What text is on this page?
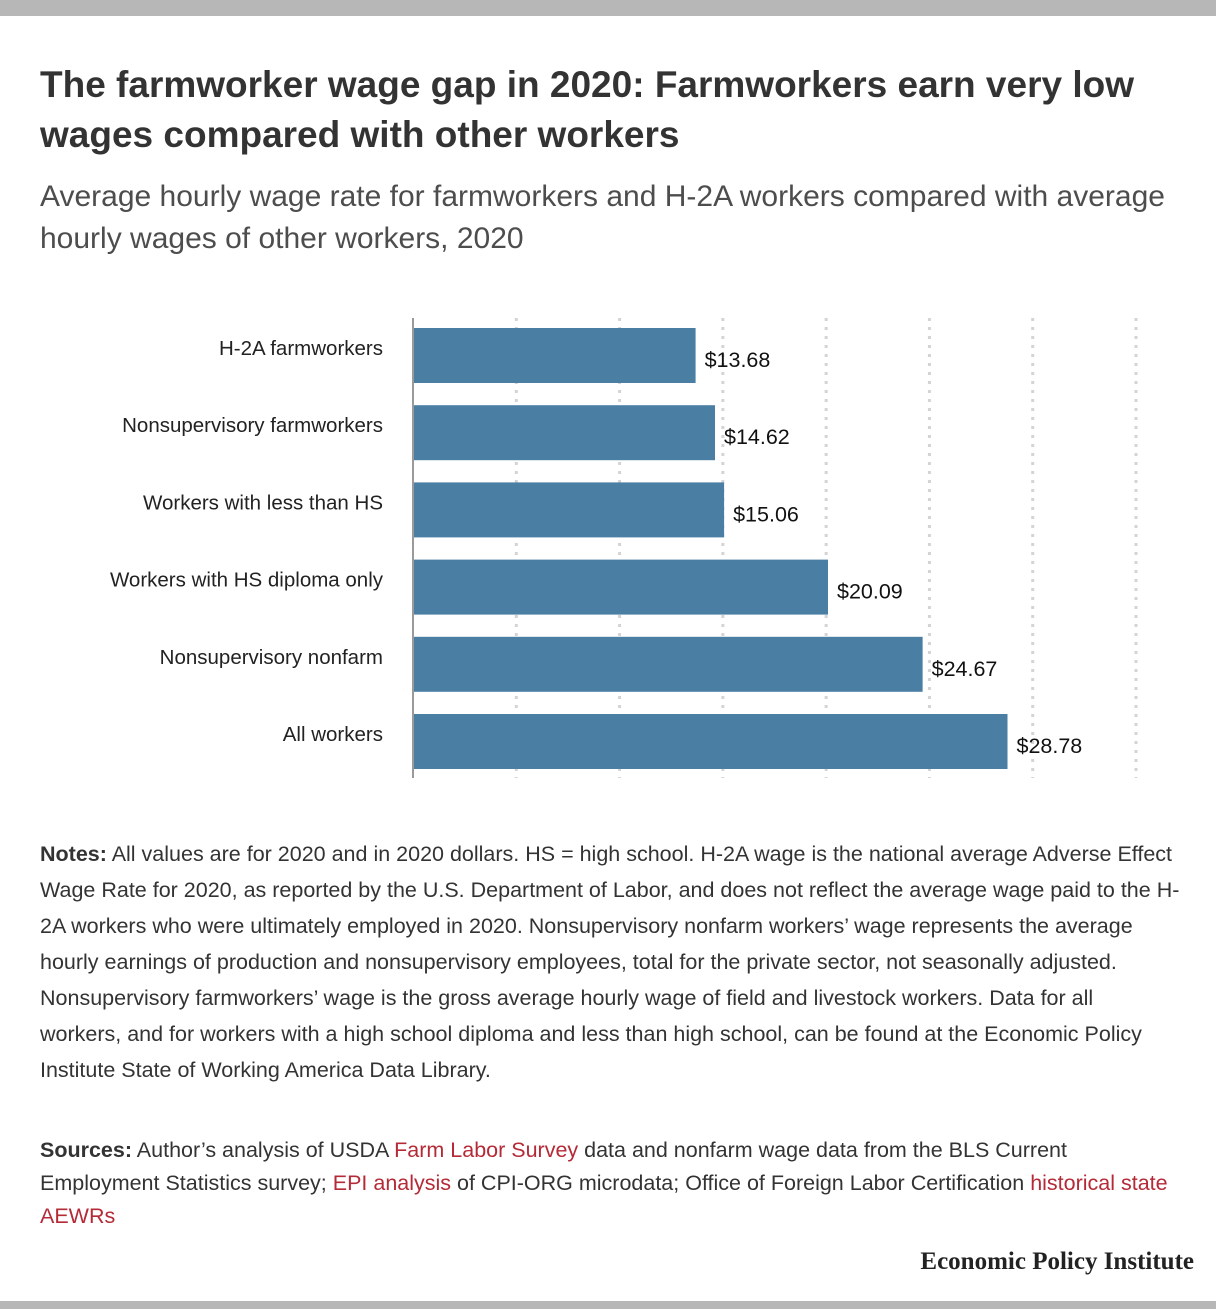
The farmworker wage gap in 2020: Farmworkers earn very low wages compared with other workers

Average hourly wage rate for farmworkers and H-2A workers compared with average hourly wages of other workers, 2020

H-2A farmworkers	$13.68
Nonsupervisory farmworkers	$14.62
Workers with less than HS	$15.06
Workers with HS diploma only	$20.09
Nonsupervisory nonfarm	$24.67
All workers	$28.78

Notes: All values are for 2020 and in 2020 dollars. HS = high school. H-2A wage is the national average Adverse Effect Wage Rate for 2020, as reported by the U.S. Department of Labor, and does not reflect the average wage paid to the H-2A workers who were ultimately employed in 2020. Nonsupervisory nonfarm workers’ wage represents the average hourly earnings of production and nonsupervisory employees, total for the private sector, not seasonally adjusted. Nonsupervisory farmworkers’ wage is the gross average hourly wage of field and livestock workers. Data for all workers, and for workers with a high school diploma and less than high school, can be found at the Economic Policy Institute State of Working America Data Library.

Sources: Author’s analysis of USDA Farm Labor Survey data and nonfarm wage data from the BLS Current Employment Statistics survey; EPI analysis of CPI-ORG microdata; Office of Foreign Labor Certification historical state AEWRs

Economic Policy Institute
